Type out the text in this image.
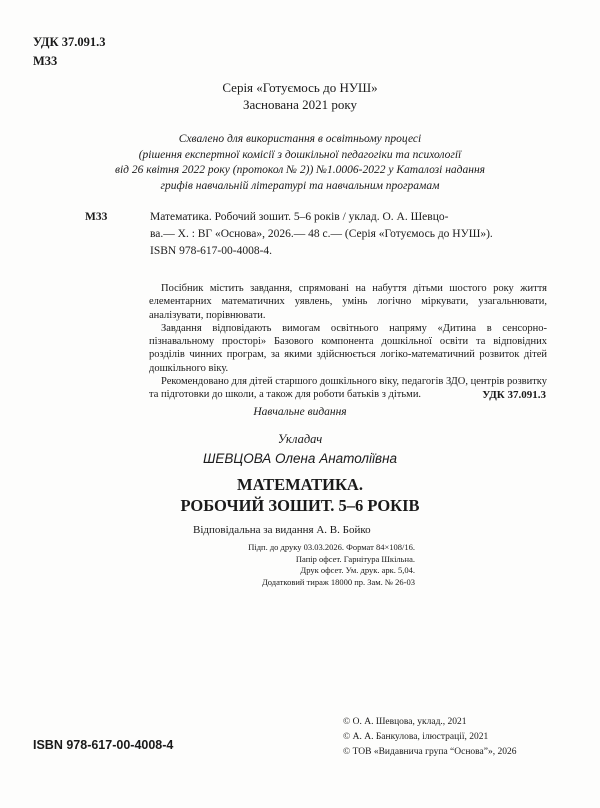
УДК 37.091.3
М33
Серія «Готуємось до НУШ»
Заснована 2021 року
Схвалено для використання в освітньому процесі
(рішення експертної комісії з дошкільної педагогіки та психології
від 26 квітня 2022 року (протокол № 2)) №1.0006-2022 у Каталозі надання
грифів навчальній літературі та навчальним програмам
М33	Математика. Робочий зошит. 5–6 років / уклад. О. А. Шевцо-
ва.— Х. : ВГ «Основа», 2026.— 48 с.— (Серія «Готуємось до НУШ»).
ISBN 978-617-00-4008-4.

Посібник містить завдання, спрямовані на набуття дітьми шостого року життя елементарних математичних уявлень, умінь логічно міркувати, узагальнювати, аналізувати, порівнювати.

Завдання відповідають вимогам освітнього напряму «Дитина в сенсорно-пізнавальному просторі» Базового компонента дошкільної освіти та відповідних розділів чинних програм, за якими здійснюється логіко-математичний розвиток дітей дошкільного віку.

Рекомендовано для дітей старшого дошкільного віку, педагогів ЗДО, центрів розвитку та підготовки до школи, а також для роботи батьків з дітьми.	УДК 37.091.3
Навчальне видання
Укладач
ШЕВЦОВА Олена Анатоліївна
МАТЕМАТИКА.
РОБОЧИЙ ЗОШИТ. 5–6 РОКІВ
Відповідальна за видання А. В. Бойко
Підп. до друку 03.03.2026. Формат 84×108/16.
Папір офсет. Гарнітура Шкільна.
Друк офсет. Ум. друк. арк. 5,04.
Додатковий тираж 18000 пр. Зам. № 26-03
ISBN 978-617-00-4008-4
© О. А. Шевцова, уклад., 2021
© А. А. Банкулова, ілюстрації, 2021
© ТОВ «Видавнича група “Основа”», 2026
